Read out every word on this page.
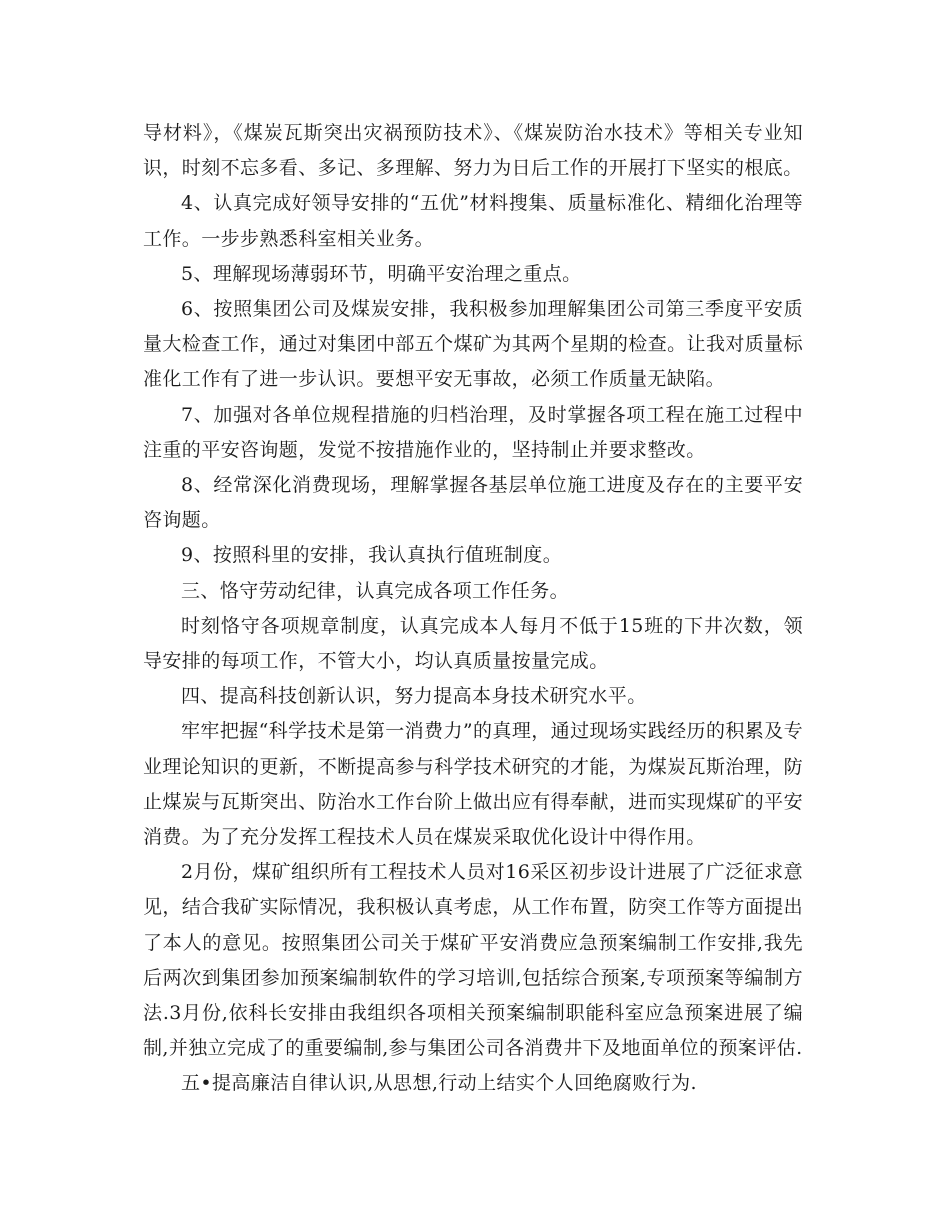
导材料》，《煤炭瓦斯突出灾祸预防技术》、《煤炭防治水技术》等相关专业知识，时刻不忘多看、多记、多理解、努力为日后工作的开展打下坚实的根底。

4、认真完成好领导安排的“五优”材料搜集、质量标准化、精细化治理等工作。一步步熟悉科室相关业务。

5、理解现场薄弱环节，明确平安治理之重点。

6、按照集团公司及煤炭安排，我积极参加理解集团公司第三季度平安质量大检查工作，通过对集团中部五个煤矿为其两个星期的检查。让我对质量标准化工作有了进一步认识。要想平安无事故，必须工作质量无缺陷。

7、加强对各单位规程措施的归档治理，及时掌握各项工程在施工过程中注重的平安咨询题，发觉不按措施作业的，坚持制止并要求整改。

8、经常深化消费现场，理解掌握各基层单位施工进度及存在的主要平安咨询题。

9、按照科里的安排，我认真执行值班制度。

三、恪守劳动纪律，认真完成各项工作任务。

时刻恪守各项规章制度，认真完成本人每月不低于15班的下井次数，领导安排的每项工作，不管大小，均认真质量按量完成。

四、提高科技创新认识，努力提高本身技术研究水平。

牢牢把握“科学技术是第一消费力”的真理，通过现场实践经历的积累及专业理论知识的更新，不断提高参与科学技术研究的才能，为煤炭瓦斯治理，防止煤炭与瓦斯突出、防治水工作台阶上做出应有得奉献，进而实现煤矿的平安消费。为了充分发挥工程技术人员在煤炭采取优化设计中得作用。

2月份，煤矿组织所有工程技术人员对16采区初步设计进展了广泛征求意见，结合我矿实际情况，我积极认真考虑，从工作布置，防突工作等方面提出了本人的意见。按照集团公司关于煤矿平安消费应急预案编制工作安排,我先后两次到集团参加预案编制软件的学习培训,包括综合预案,专项预案等编制方法.3月份,依科长安排由我组织各项相关预案编制职能科室应急预案进展了编制,并独立完成了的重要编制,参与集团公司各消费井下及地面单位的预案评估.

五•提高廉洁自律认识,从思想,行动上结实个人回绝腐败行为.
